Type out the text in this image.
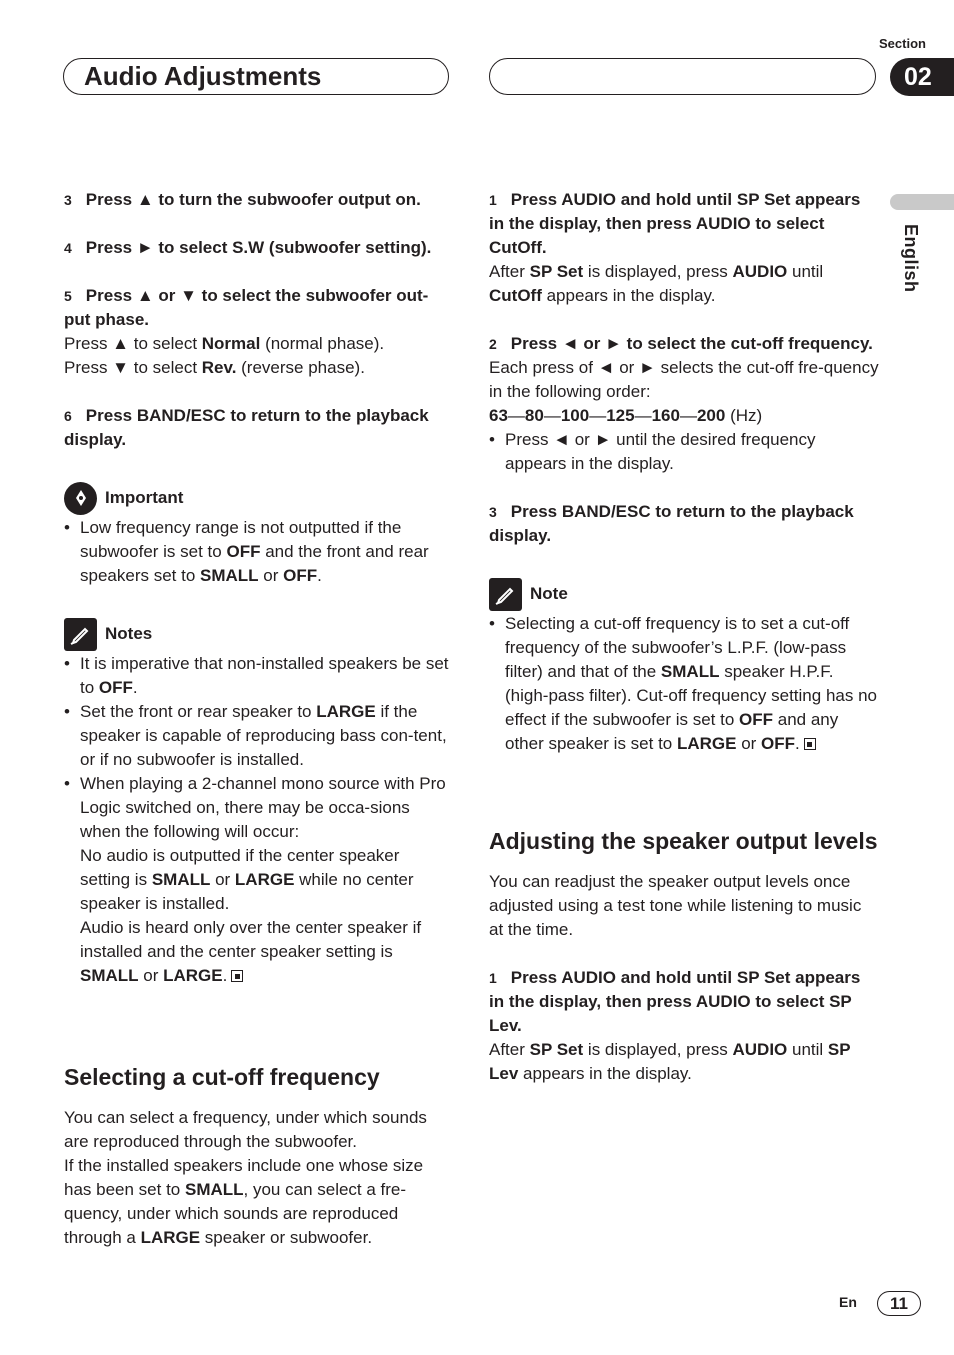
Section
Audio Adjustments	02
English

3 Press ▲ to turn the subwoofer output on.

4 Press ► to select S.W (subwoofer setting).

5 Press ▲ or ▼ to select the subwoofer out-put phase.

Press ▲ to select Normal (normal phase).

Press ▼ to select Rev. (reverse phase).

6 Press BAND/ESC to return to the playback display.

Important
• Low frequency range is not outputted if the subwoofer is set to OFF and the front and rear speakers set to SMALL or OFF.
Notes
• It is imperative that non-installed speakers be set to OFF.
• Set the front or rear speaker to LARGE if the speaker is capable of reproducing bass con-tent, or if no subwoofer is installed.
• When playing a 2-channel mono source with Pro Logic switched on, there may be occa-sions when the following will occur:
No audio is outputted if the center speaker setting is SMALL or LARGE while no center speaker is installed.
Audio is heard only over the center speaker if installed and the center speaker setting is SMALL or LARGE.

Selecting a cut-off frequency

You can select a frequency, under which sounds are reproduced through the subwoofer.

If the installed speakers include one whose size has been set to SMALL, you can select a fre-quency, under which sounds are reproduced through a LARGE speaker or subwoofer.

1 Press AUDIO and hold until SP Set appears in the display, then press AUDIO to select CutOff.

After SP Set is displayed, press AUDIO until CutOff appears in the display.

2 Press ◄ or ► to select the cut-off frequency.

Each press of ◄ or ► selects the cut-off fre-quency in the following order:

63—80—100—125—160—200 (Hz)

• Press ◄ or ► until the desired frequency appears in the display.

3 Press BAND/ESC to return to the playback display.

Note
• Selecting a cut-off frequency is to set a cut-off frequency of the subwoofer’s L.P.F. (low-pass filter) and that of the SMALL speaker H.P.F. (high-pass filter). Cut-off frequency setting has no effect if the subwoofer is set to OFF and any other speaker is set to LARGE or OFF.

Adjusting the speaker output levels

You can readjust the speaker output levels once adjusted using a test tone while listening to music at the time.

1 Press AUDIO and hold until SP Set appears in the display, then press AUDIO to select SP Lev.

After SP Set is displayed, press AUDIO until SP Lev appears in the display.

En	11
